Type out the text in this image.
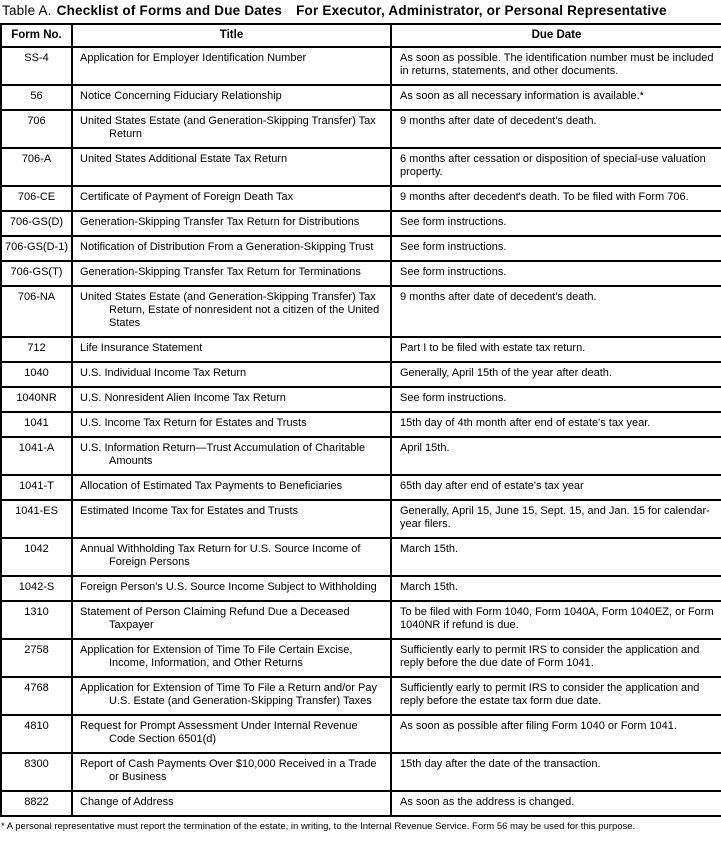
Table A. Checklist of Forms and Due Dates For Executor, Administrator, or Personal Representative
Form No.	Title	Due Date
SS-4	Application for Employer Identification Number	As soon as possible. The identification number must be included in returns, statements, and other documents.
56	Notice Concerning Fiduciary Relationship	As soon as all necessary information is available.*
706	United States Estate (and Generation-Skipping Transfer) Tax Return	9 months after date of decedent's death.
706-A	United States Additional Estate Tax Return	6 months after cessation or disposition of special-use valuation property.
706-CE	Certificate of Payment of Foreign Death Tax	9 months after decedent's death. To be filed with Form 706.
706-GS(D)	Generation-Skipping Transfer Tax Return for Distributions	See form instructions.
706-GS(D-1)	Notification of Distribution From a Generation-Skipping Trust	See form instructions.
706-GS(T)	Generation-Skipping Transfer Tax Return for Terminations	See form instructions.
706-NA	United States Estate (and Generation-Skipping Transfer) Tax Return, Estate of nonresident not a citizen of the United States	9 months after date of decedent's death.
712	Life Insurance Statement	Part I to be filed with estate tax return.
1040	U.S. Individual Income Tax Return	Generally, April 15th of the year after death.
1040NR	U.S. Nonresident Alien Income Tax Return	See form instructions.
1041	U.S. Income Tax Return for Estates and Trusts	15th day of 4th month after end of estate's tax year.
1041-A	U.S. Information Return—Trust Accumulation of Charitable Amounts	April 15th.
1041-T	Allocation of Estimated Tax Payments to Beneficiaries	65th day after end of estate's tax year
1041-ES	Estimated Income Tax for Estates and Trusts	Generally, April 15, June 15, Sept. 15, and Jan. 15 for calendar-year filers.
1042	Annual Withholding Tax Return for U.S. Source Income of Foreign Persons	March 15th.
1042-S	Foreign Person's U.S. Source Income Subject to Withholding	March 15th.
1310	Statement of Person Claiming Refund Due a Deceased Taxpayer	To be filed with Form 1040, Form 1040A, Form 1040EZ, or Form 1040NR if refund is due.
2758	Application for Extension of Time To File Certain Excise, Income, Information, and Other Returns	Sufficiently early to permit IRS to consider the application and reply before the due date of Form 1041.
4768	Application for Extension of Time To File a Return and/or Pay U.S. Estate (and Generation-Skipping Transfer) Taxes	Sufficiently early to permit IRS to consider the application and reply before the estate tax form due date.
4810	Request for Prompt Assessment Under Internal Revenue Code Section 6501(d)	As soon as possible after filing Form 1040 or Form 1041.
8300	Report of Cash Payments Over $10,000 Received in a Trade or Business	15th day after the date of the transaction.
8822	Change of Address	As soon as the address is changed.
* A personal representative must report the termination of the estate, in writing, to the Internal Revenue Service. Form 56 may be used for this purpose.
